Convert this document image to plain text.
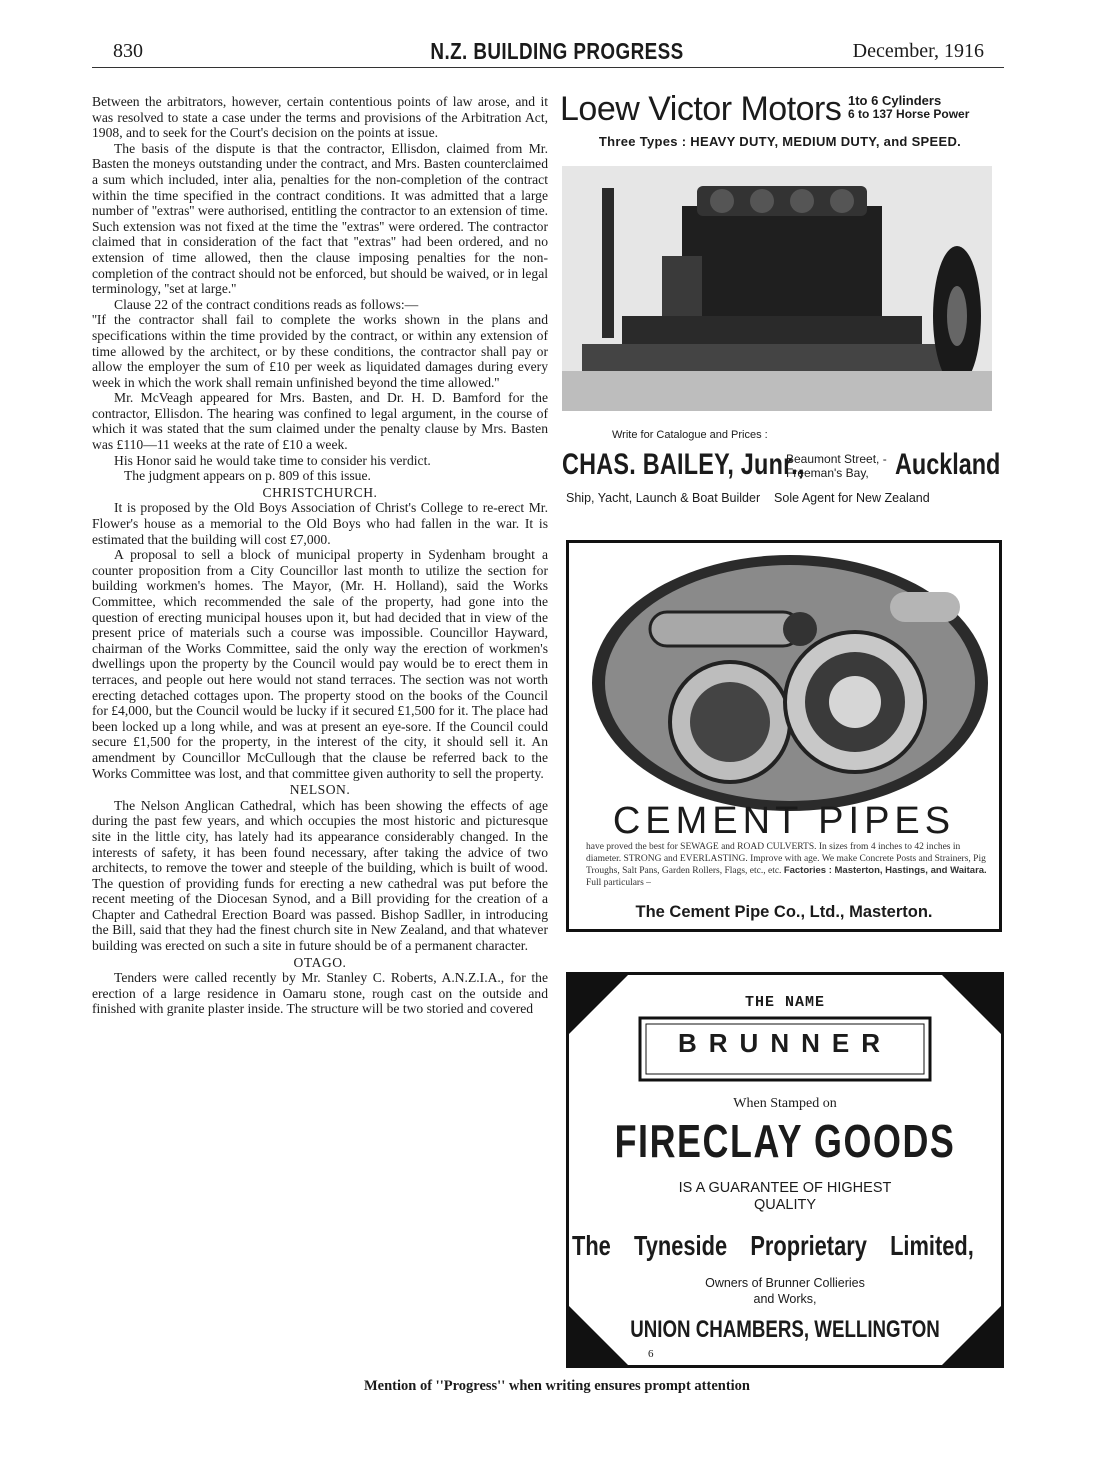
830	N.Z. BUILDING PROGRESS	December, 1916

Between the arbitrators, however, certain contentious points of law arose, and it was resolved to state a case under the terms and provisions of the Arbitration Act, 1908, and to seek for the Court's decision on the points at issue.

The basis of the dispute is that the contractor, Ellisdon, claimed from Mr. Basten the moneys outstanding under the contract, and Mrs. Basten counterclaimed a sum which included, inter alia, penalties for the non-completion of the contract within the time specified in the contract conditions. It was admitted that a large number of ''extras'' were authorised, entitling the contractor to an extension of time. Such extension was not fixed at the time the ''extras'' were ordered. The contractor claimed that in consideration of the fact that ''extras'' had been ordered, and no extension of time allowed, then the clause imposing penalties for the non-completion of the contract should not be enforced, but should be waived, or in legal terminology, ''set at large.''

Clause 22 of the contract conditions reads as follows:—

''If the contractor shall fail to complete the works shown in the plans and specifications within the time provided by the contract, or within any extension of time allowed by the architect, or by these conditions, the contractor shall pay or allow the employer the sum of £10 per week as liquidated damages during every week in which the work shall remain unfinished beyond the time allowed.''

Mr. McVeagh appeared for Mrs. Basten, and Dr. H. D. Bamford for the contractor, Ellisdon. The hearing was confined to legal argument, in the course of which it was stated that the sum claimed under the penalty clause by Mrs. Basten was £110—11 weeks at the rate of £10 a week.

His Honor said he would take time to consider his verdict.

The judgment appears on p. 809 of this issue.

CHRISTCHURCH.

It is proposed by the Old Boys Association of Christ's College to re-erect Mr. Flower's house as a memorial to the Old Boys who had fallen in the war. It is estimated that the building will cost £7,000.

A proposal to sell a block of municipal property in Sydenham brought a counter proposition from a City Councillor last month to utilize the section for building workmen's homes. The Mayor, (Mr. H. Holland), said the Works Committee, which recommended the sale of the property, had gone into the question of erecting municipal houses upon it, but had decided that in view of the present price of materials such a course was impossible. Councillor Hayward, chairman of the Works Committee, said the only way the erection of workmen's dwellings upon the property by the Council would pay would be to erect them in terraces, and people out here would not stand terraces. The section was not worth erecting detached cottages upon. The property stood on the books of the Council for £4,000, but the Council would be lucky if it secured £1,500 for it. The place had been locked up a long while, and was at present an eye-sore. If the Council could secure £1,500 for the property, in the interest of the city, it should sell it. An amendment by Councillor McCullough that the clause be referred back to the Works Committee was lost, and that committee given authority to sell the property.

NELSON.

The Nelson Anglican Cathedral, which has been showing the effects of age during the past few years, and which occupies the most historic and picturesque site in the little city, has lately had its appearance considerably changed. In the interests of safety, it has been found necessary, after taking the advice of two architects, to remove the tower and steeple of the building, which is built of wood. The question of providing funds for erecting a new cathedral was put before the recent meeting of the Diocesan Synod, and a Bill providing for the creation of a Chapter and Cathedral Erection Board was passed. Bishop Sadller, in introducing the Bill, said that they had the finest church site in New Zealand, and that whatever building was erected on such a site in future should be of a permanent character.

OTAGO.

Tenders were called recently by Mr. Stanley C. Roberts, A.N.Z.I.A., for the erection of a large residence in Oamaru stone, rough cast on the outside and finished with granite plaster inside. The structure will be two storied and covered

Loew Victor Motors 1to 6 Cylinders
6 to 137 Horse Power
Three Types : HEAVY DUTY, MEDIUM DUTY, and SPEED.
Write for Catalogue and Prices :
CHAS. BAILEY, Junr.,
Beaumont Street, -
Freeman's Bay, Auckland
Ship, Yacht, Launch & Boat Builder Sole Agent for New Zealand
CEMENT PIPES
have proved the best for SEWAGE and ROAD CULVERTS. In sizes from 4 inches to 42 inches in diameter. STRONG and EVERLASTING. Improve with age. We make Concrete Posts and Strainers, Pig Troughs, Salt Pans, Garden Rollers, Flags, etc., etc. Factories : Masterton, Hastings, and Waitara. Full particulars –
The Cement Pipe Co., Ltd., Masterton.
THE NAME
BRUNNER
When Stamped on
FIRECLAY GOODS
IS A GUARANTEE OF HIGHEST
QUALITY
The Tyneside Proprietary Limited,
Owners of Brunner Collieries
and Works,
UNION CHAMBERS, WELLINGTON
6
Mention of ''Progress'' when writing ensures prompt attention
